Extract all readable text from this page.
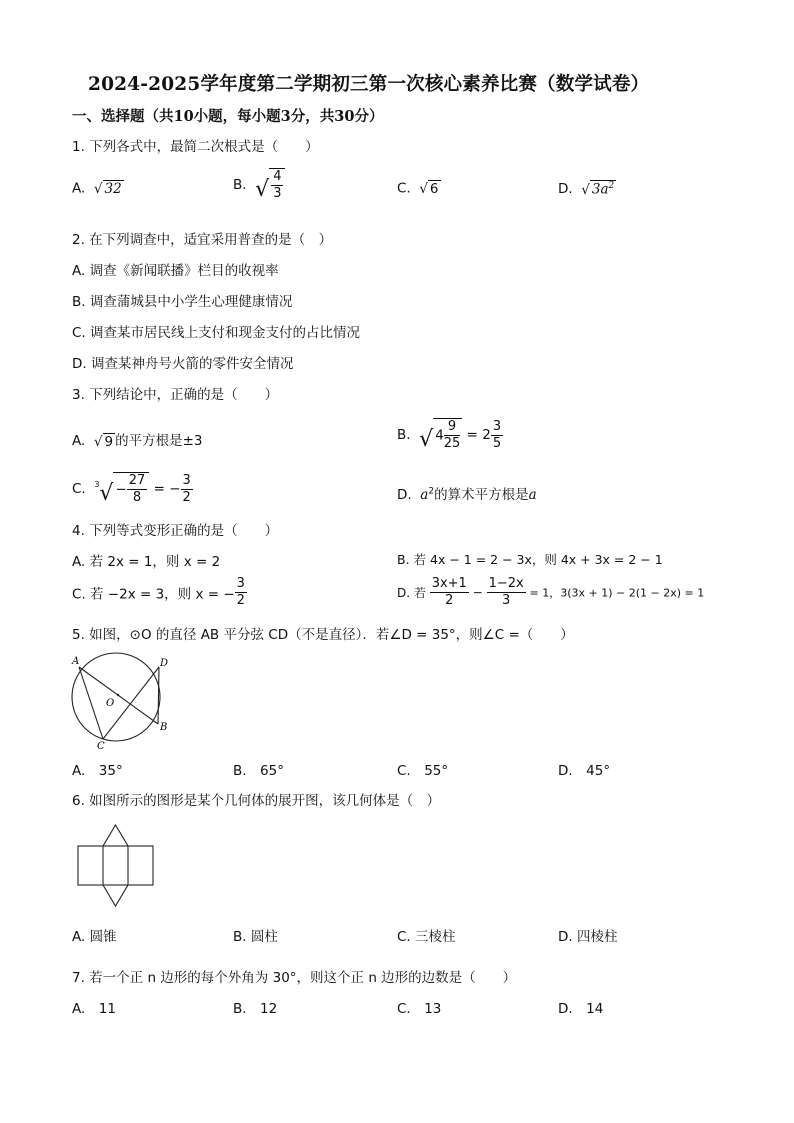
2024-2025学年度第二学期初三第一次核心素养比赛（数学试卷）
一、选择题（共10小题，每小题3分，共30分）
1. 下列各式中，最简二次根式是（　　）
A. √ 32	B. √ $\frac{4}{3}$	C. √ 6	D. √ $3a^2$
2. 在下列调查中，适宜采用普查的是（　）
A. 调查《新闻联播》栏目的收视率
B. 调查蒲城县中小学生心理健康情况
C. 调查某市居民线上支付和现金支付的占比情况
D. 调查某神舟号火箭的零件安全情况
3. 下列结论中，正确的是（　　）
A. √ 9 的平方根是±3	B. √ $4 \frac{9}{25} = 2 \frac{3}{5}$
C. $^3√ - \frac{27}{8}$ = − $\frac{3}{2}$	D. $a^2$的算术平方根是a
4. 下列等式变形正确的是（　　）
A. 若 2x = 1，则 x = 2	B. 若 4x − 1 = 2 − 3x，则 4x + 3x = 2 − 1
C. 若 −2x = 3，则 x = − $\frac{3}{2}$	D. 若 $\frac{3x+1}{2} - \frac{1-2x}{3} = 1$，3(3x + 1) − 2(1 − 2x) = 1
5. 如图，⊙O 的直径 AB 平分弦 CD（不是直径）．若∠D = 35°，则∠C =（　　）
A	D
O
B
C
A.　35°	B.　65°	C.　55°	D.　45°
6. 如图所示的图形是某个几何体的展开图，该几何体是（　）
A. 圆锥	B. 圆柱	C. 三棱柱	D. 四棱柱
7. 若一个正 n 边形的每个外角为 30°，则这个正 n 边形的边数是（　　）
A.　11	B.　12	C.　13	D.　14
